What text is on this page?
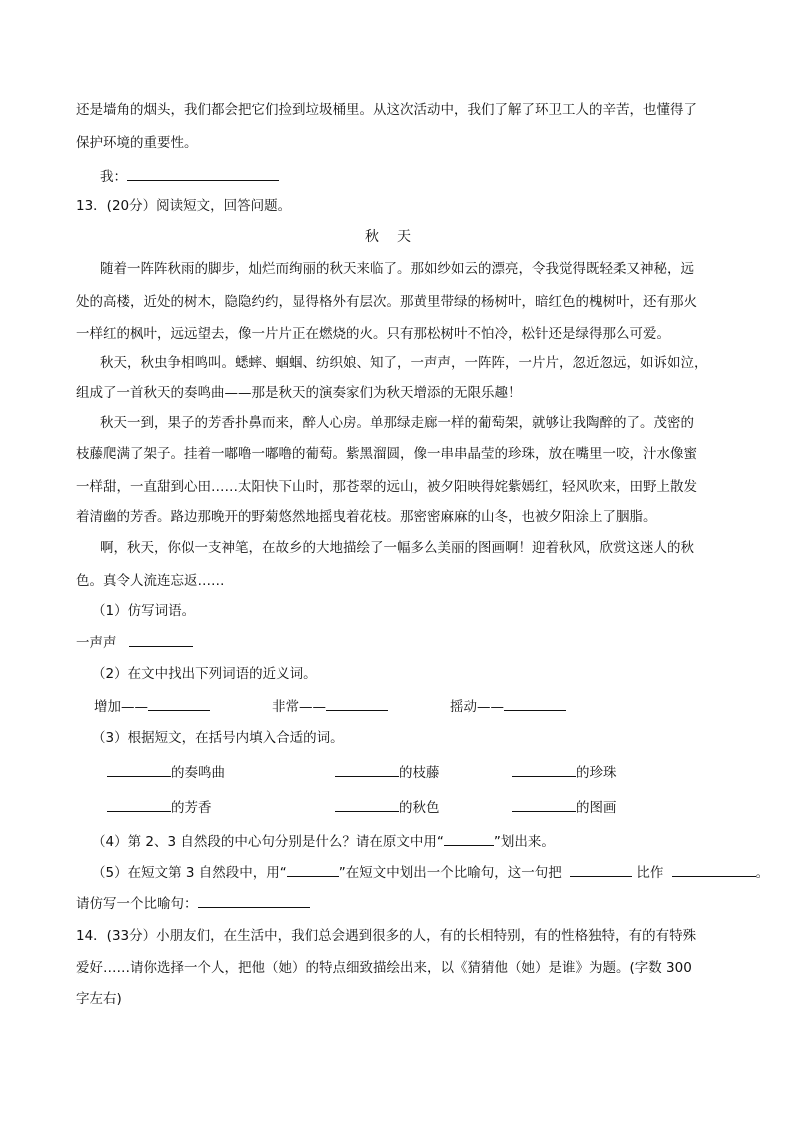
还是墙角的烟头，我们都会把它们捡到垃圾桶里。从这次活动中，我们了解了环卫工人的辛苦，也懂得了
保护环境的重要性。
我：
13．(20分）阅读短文，回答问题。
秋天
随着一阵阵秋雨的脚步，灿烂而绚丽的秋天来临了。那如纱如云的漂亮，令我觉得既轻柔又神秘，远
处的高楼，近处的树木，隐隐约约，显得格外有层次。那黄里带绿的杨树叶，暗红色的槐树叶，还有那火
一样红的枫叶，远远望去，像一片片正在燃烧的火。只有那松树叶不怕冷，松针还是绿得那么可爱。
秋天，秋虫争相鸣叫。蟋蟀、蝈蝈、纺织娘、知了，一声声，一阵阵，一片片，忽近忽远，如诉如泣，
组成了一首秋天的奏鸣曲——那是秋天的演奏家们为秋天增添的无限乐趣！
秋天一到，果子的芳香扑鼻而来，醉人心房。单那绿走廊一样的葡萄架，就够让我陶醉的了。茂密的
枝藤爬满了架子。挂着一嘟噜一嘟噜的葡萄。紫黑溜圆，像一串串晶莹的珍珠，放在嘴里一咬，汁水像蜜
一样甜，一直甜到心田……太阳快下山时，那苍翠的远山，被夕阳映得姹紫嫣红，轻风吹来，田野上散发
着清幽的芳香。路边那晚开的野菊悠然地摇曳着花枝。那密密麻麻的山冬，也被夕阳涂上了胭脂。
啊，秋天，你似一支神笔，在故乡的大地描绘了一幅多么美丽的图画啊！迎着秋风，欣赏这迷人的秋
色。真令人流连忘返……
（1）仿写词语。
一声声
（2）在文中找出下列词语的近义词。
增加——	非常——	摇动——
（3）根据短文，在括号内填入合适的词。
的奏鸣曲	的枝藤	的珍珠
的芳香	的秋色	的图画
（4）第 2、3 自然段的中心句分别是什么？请在原文中用“	”划出来。
（5）在短文第 3 自然段中，用“	”在短文中划出一个比喻句，这一句把	比作	。
请仿写一个比喻句：
14．(33分）小朋友们，在生活中，我们总会遇到很多的人，有的长相特别，有的性格独特，有的有特殊
爱好……请你选择一个人，把他（她）的特点细致描绘出来，以《猜猜他（她）是谁》为题。(字数 300
字左右)
